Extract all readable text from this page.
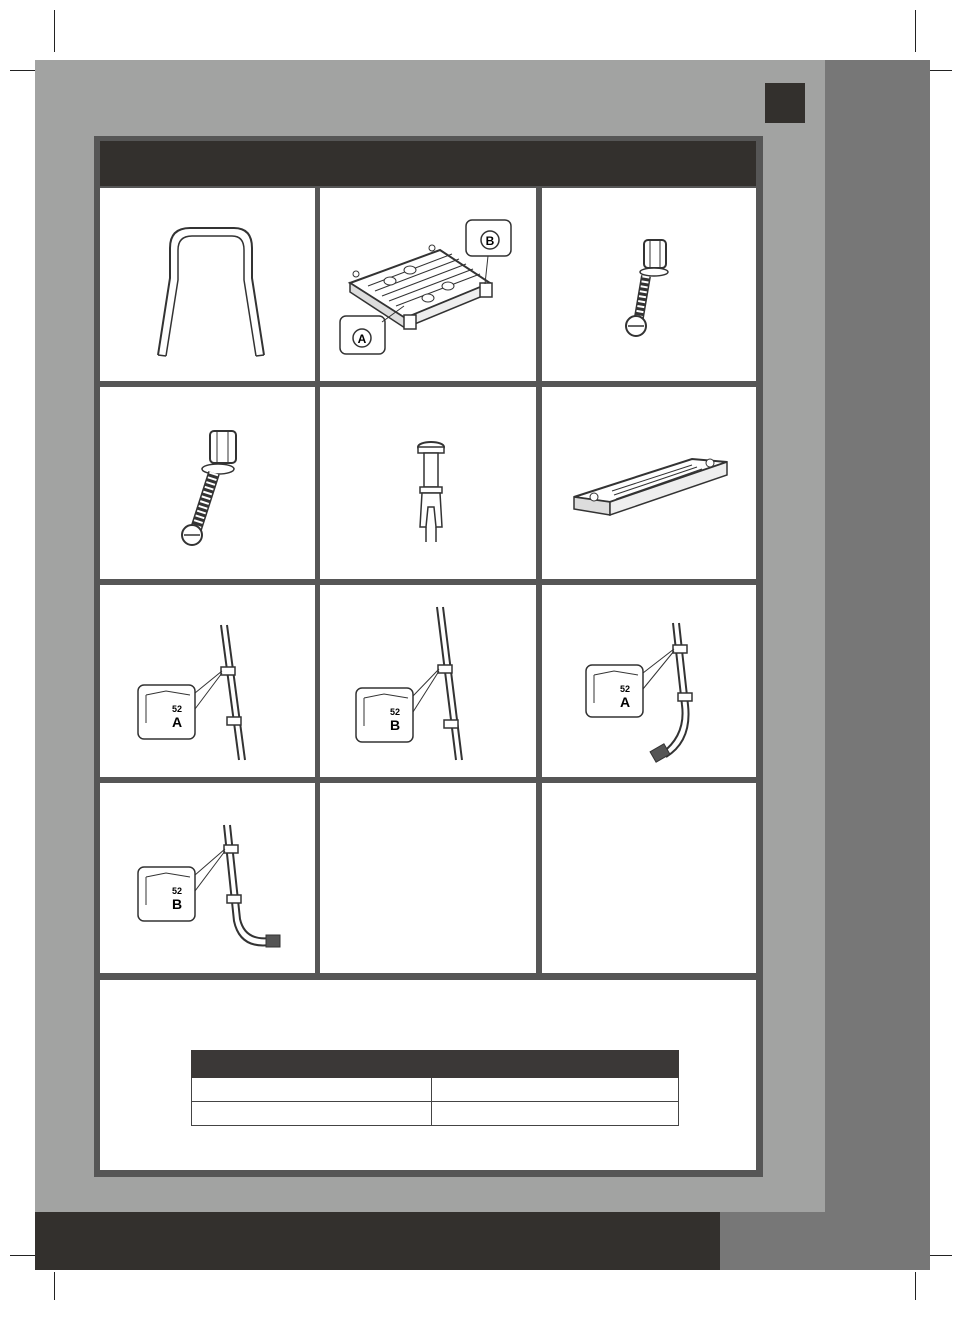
B
A
52
A
52
B
52
A
52
B
